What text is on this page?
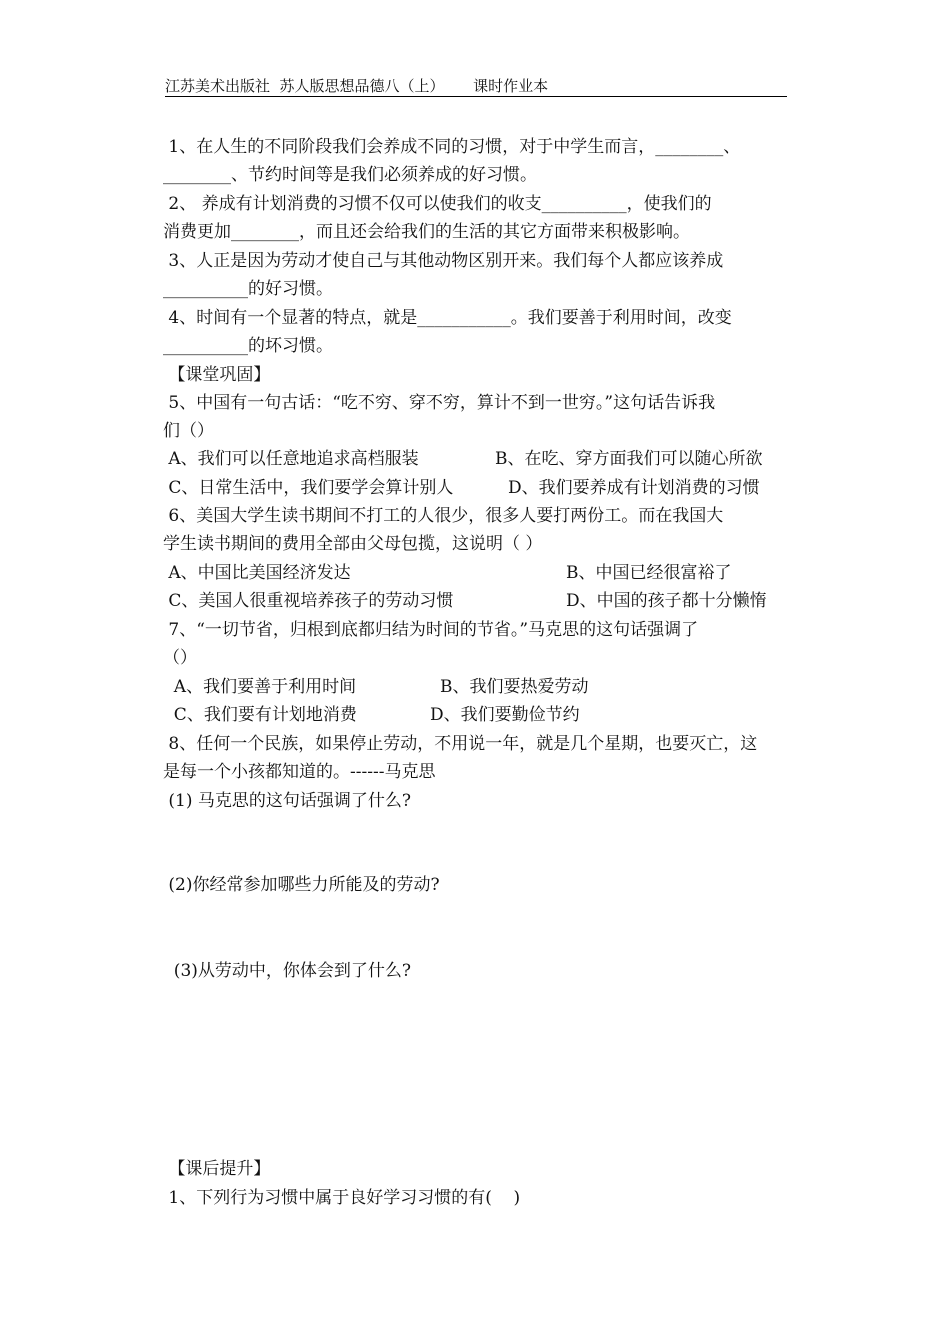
江苏美术出版社  苏人版思想品德八（上）      课时作业本
1、在人生的不同阶段我们会养成不同的习惯，对于中学生而言，________、
________、节约时间等是我们必须养成的好习惯。
2、 养成有计划消费的习惯不仅可以使我们的收支__________，使我们的
消费更加________，而且还会给我们的生活的其它方面带来积极影响。
3、人正是因为劳动才使自己与其他动物区别开来。我们每个人都应该养成
__________的好习惯。
4、时间有一个显著的特点，就是___________。我们要善于利用时间，改变
__________的坏习惯。
【课堂巩固】
5、中国有一句古话：“吃不穷、穿不穷，算计不到一世穷。”这句话告诉我
们（）
A、我们可以任意地追求高档服装	B、在吃、穿方面我们可以随心所欲
C、日常生活中，我们要学会算计别人	D、我们要养成有计划消费的习惯
6、美国大学生读书期间不打工的人很少，很多人要打两份工。而在我国大
学生读书期间的费用全部由父母包揽，这说明（ ）
A、中国比美国经济发达	B、中国已经很富裕了
C、美国人很重视培养孩子的劳动习惯	D、中国的孩子都十分懒惰
7、“一切节省，归根到底都归结为时间的节省。”马克思的这句话强调了
（）
A、我们要善于利用时间	B、我们要热爱劳动
C、我们要有计划地消费	D、我们要勤俭节约
8、任何一个民族，如果停止劳动，不用说一年，就是几个星期，也要灭亡，这
是每一个小孩都知道的。------马克思
(1) 马克思的这句话强调了什么?
(2)你经常参加哪些力所能及的劳动?
(3)从劳动中，你体会到了什么?
【课后提升】
1、下列行为习惯中属于良好学习习惯的有(    )
